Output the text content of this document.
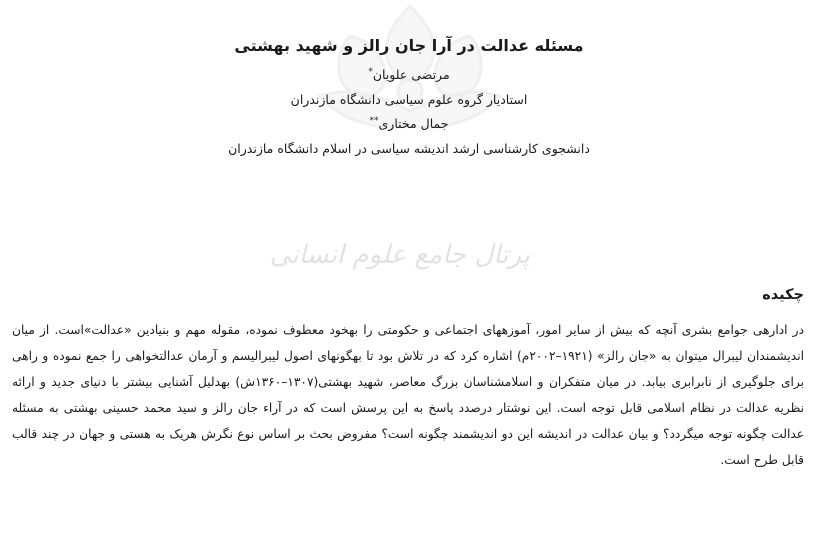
پرتال جامع علوم انسانی
مسئله عدالت در آرا جان رالز و شهید بهشتی
مرتضی علویان*
استادیار گروه علوم سیاسی دانشگاه مازندران
جمال مختاری**
دانشجوی کارشناسی ارشد اندیشه سیاسی در اسلام دانشگاه مازندران
چکیده
در ادارهی جوامع بشری آنچه که بیش از سایر امور، آموزههای اجتماعی و حکومتی را بهخود معطوف نموده، مقوله مهم و بنیادین «عدالت»است. از میان اندیشمندان لیبرال میتوان به «جان رالز» (۱۹۲۱–۲۰۰۲م) اشاره کرد که در تلاش بود تا بهگونهای اصول لیبرالیسم و آرمان عدالتخواهی را جمع نموده و راهی برای جلوگیری از نابرابری بیابد. در میان متفکران و اسلامشناسان بزرگ معاصر، شهید بهشتی(۱۳۰۷–۱۳۶۰ش) بهدلیل آشنایی بیشتر با دنیای جدید و ارائه نظریه عدالت در نظام اسلامی قابل توجه است. این نوشتار درصدد پاسخ به این پرسش است که در آراء جان رالز و سید محمد حسینی بهشتی به مسئله عدالت چگونه توجه میگردد؟ و بیان عدالت در اندیشه این دو اندیشمند چگونه است؟ مفروض بحث بر اساس نوع نگرش هریک به هستی و جهان در چند قالب قابل طرح است.
